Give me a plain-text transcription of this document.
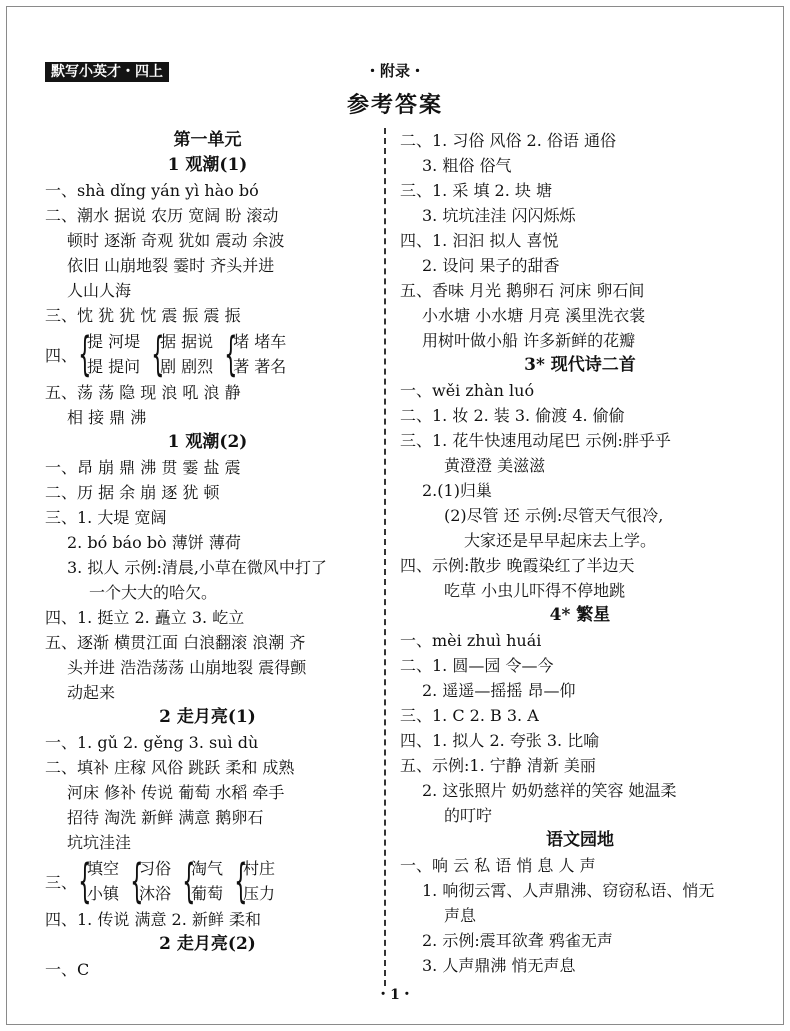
默写小英才・四上	・附录・
参考答案
第一单元
1 观潮(1)
一、shà dǐng yán yì hào bó
二、潮水 据说 农历 宽阔 盼 滚动
顿时 逐渐 奇观 犹如 震动 余波
依旧 山崩地裂 霎时 齐头并进
人山人海
三、忱 犹 犹 忱 震 振 震 振
四、 {
提 河堤
提 提问 {
据 据说
剧 剧烈 {
堵 堵车
著 著名
五、荡 荡 隐 现 浪 吼 浪 静
相 接 鼎 沸
1 观潮(2)
一、昂 崩 鼎 沸 贯 霎 盐 震
二、历 据 余 崩 逐 犹 顿
三、1. 大堤 宽阔
2. bó báo bò 薄饼 薄荷
3. 拟人 示例:清晨,小草在微风中打了
一个大大的哈欠。
四、1. 挺立 2. 矗立 3. 屹立
五、逐渐 横贯江面 白浪翻滚 浪潮 齐
头并进 浩浩荡荡 山崩地裂 震得颤
动起来
2 走月亮(1)
一、1. gǔ 2. gěng 3. suì dù
二、填补 庄稼 风俗 跳跃 柔和 成熟
河床 修补 传说 葡萄 水稻 牵手
招待 淘洗 新鲜 满意 鹅卵石
坑坑洼洼
三、 {
填空
小镇 {
习俗
沐浴 {
淘气
葡萄 {
村庄
压力
四、1. 传说 满意 2. 新鲜 柔和
2 走月亮(2)
一、C
二、1. 习俗 风俗 2. 俗语 通俗
3. 粗俗 俗气
三、1. 采 填 2. 块 塘
3. 坑坑洼洼 闪闪烁烁
四、1. 汩汩 拟人 喜悦
2. 设问 果子的甜香
五、香味 月光 鹅卵石 河床 卵石间
小水塘 小水塘 月亮 溪里洗衣裳
用树叶做小船 许多新鲜的花瓣
3* 现代诗二首
一、wěi zhàn luó
二、1. 妆 2. 装 3. 偷渡 4. 偷偷
三、1. 花牛快速甩动尾巴 示例:胖乎乎
黄澄澄 美滋滋
2.(1)归巢
(2)尽管 还 示例:尽管天气很冷,
大家还是早早起床去上学。
四、示例:散步 晚霞染红了半边天
吃草 小虫儿吓得不停地跳
4* 繁星
一、mèi zhuì huái
二、1. 圆—园 令—今
2. 遥遥—摇摇 昂—仰
三、1. C 2. B 3. A
四、1. 拟人 2. 夸张 3. 比喻
五、示例:1. 宁静 清新 美丽
2. 这张照片 奶奶慈祥的笑容 她温柔
的叮咛
语文园地
一、响 云 私 语 悄 息 人 声
1. 响彻云霄、人声鼎沸、窃窃私语、悄无
声息
2. 示例:震耳欲聋 鸦雀无声
3. 人声鼎沸 悄无声息
・1・
